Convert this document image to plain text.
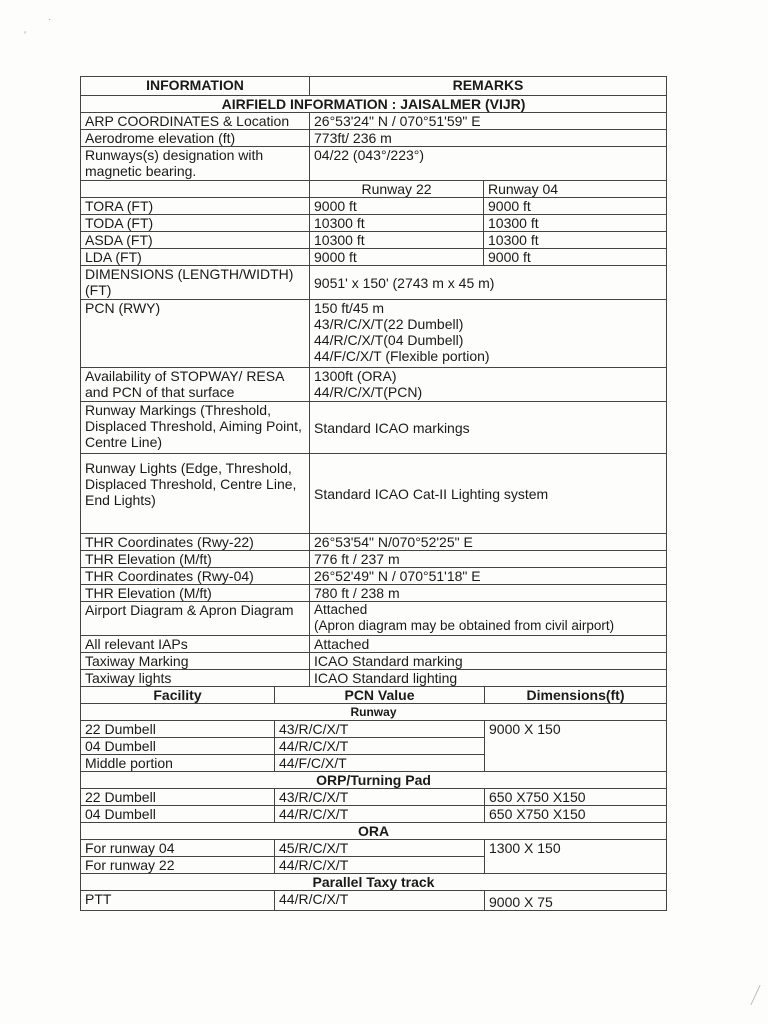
·
‘
INFORMATION	REMARKS	
AIRFIELD INFORMATION : JAISALMER (VIJR)		
ARP COORDINATES & Location	26°53'24" N / 070°51'59" E	
Aerodrome elevation (ft)	773ft/ 236 m	
Runways(s) designation with magnetic bearing.	04/22 (043°/223°)	
	Runway 22	Runway 04
TORA (FT)	9000 ft	9000 ft
TODA (FT)	10300 ft	10300 ft
ASDA (FT)	10300 ft	10300 ft
LDA (FT)	9000 ft	9000 ft
DIMENSIONS (LENGTH/WIDTH) (FT)	9051' x 150' (2743 m x 45 m)	
PCN (RWY)	150 ft/45 m
43/R/C/X/T(22 Dumbell)
44/R/C/X/T(04 Dumbell)
44/F/C/X/T (Flexible portion)	
Availability of STOPWAY/ RESA and PCN of that surface	1300ft (ORA)
44/R/C/X/T(PCN)	
Runway Markings (Threshold, Displaced Threshold, Aiming Point, Centre Line)	Standard ICAO markings	
Runway Lights (Edge, Threshold, Displaced Threshold, Centre Line, End Lights)	Standard ICAO Cat-II Lighting system	
THR Coordinates (Rwy-22)	26°53'54" N/070°52'25" E	
THR Elevation (M/ft)	776 ft / 237 m	
THR Coordinates (Rwy-04)	26°52'49" N / 070°51'18" E	
THR Elevation (M/ft)	780 ft / 238 m	
Airport Diagram & Apron Diagram	Attached
(Apron diagram may be obtained from civil airport)	
All relevant IAPs	Attached	
Taxiway Marking	ICAO Standard marking	
Taxiway lights	ICAO Standard lighting	
Facility	PCN Value	Dimensions(ft)
Runway		
22 Dumbell	43/R/C/X/T	9000 X 150
04 Dumbell	44/R/C/X/T	
Middle portion	44/F/C/X/T	
ORP/Turning Pad		
22 Dumbell	43/R/C/X/T	650 X750 X150
04 Dumbell	44/R/C/X/T	650 X750 X150
ORA		
For runway 04	45/R/C/X/T	1300 X 150
For runway 22	44/R/C/X/T	
Parallel Taxy track		
PTT	44/R/C/X/T	9000 X 75
